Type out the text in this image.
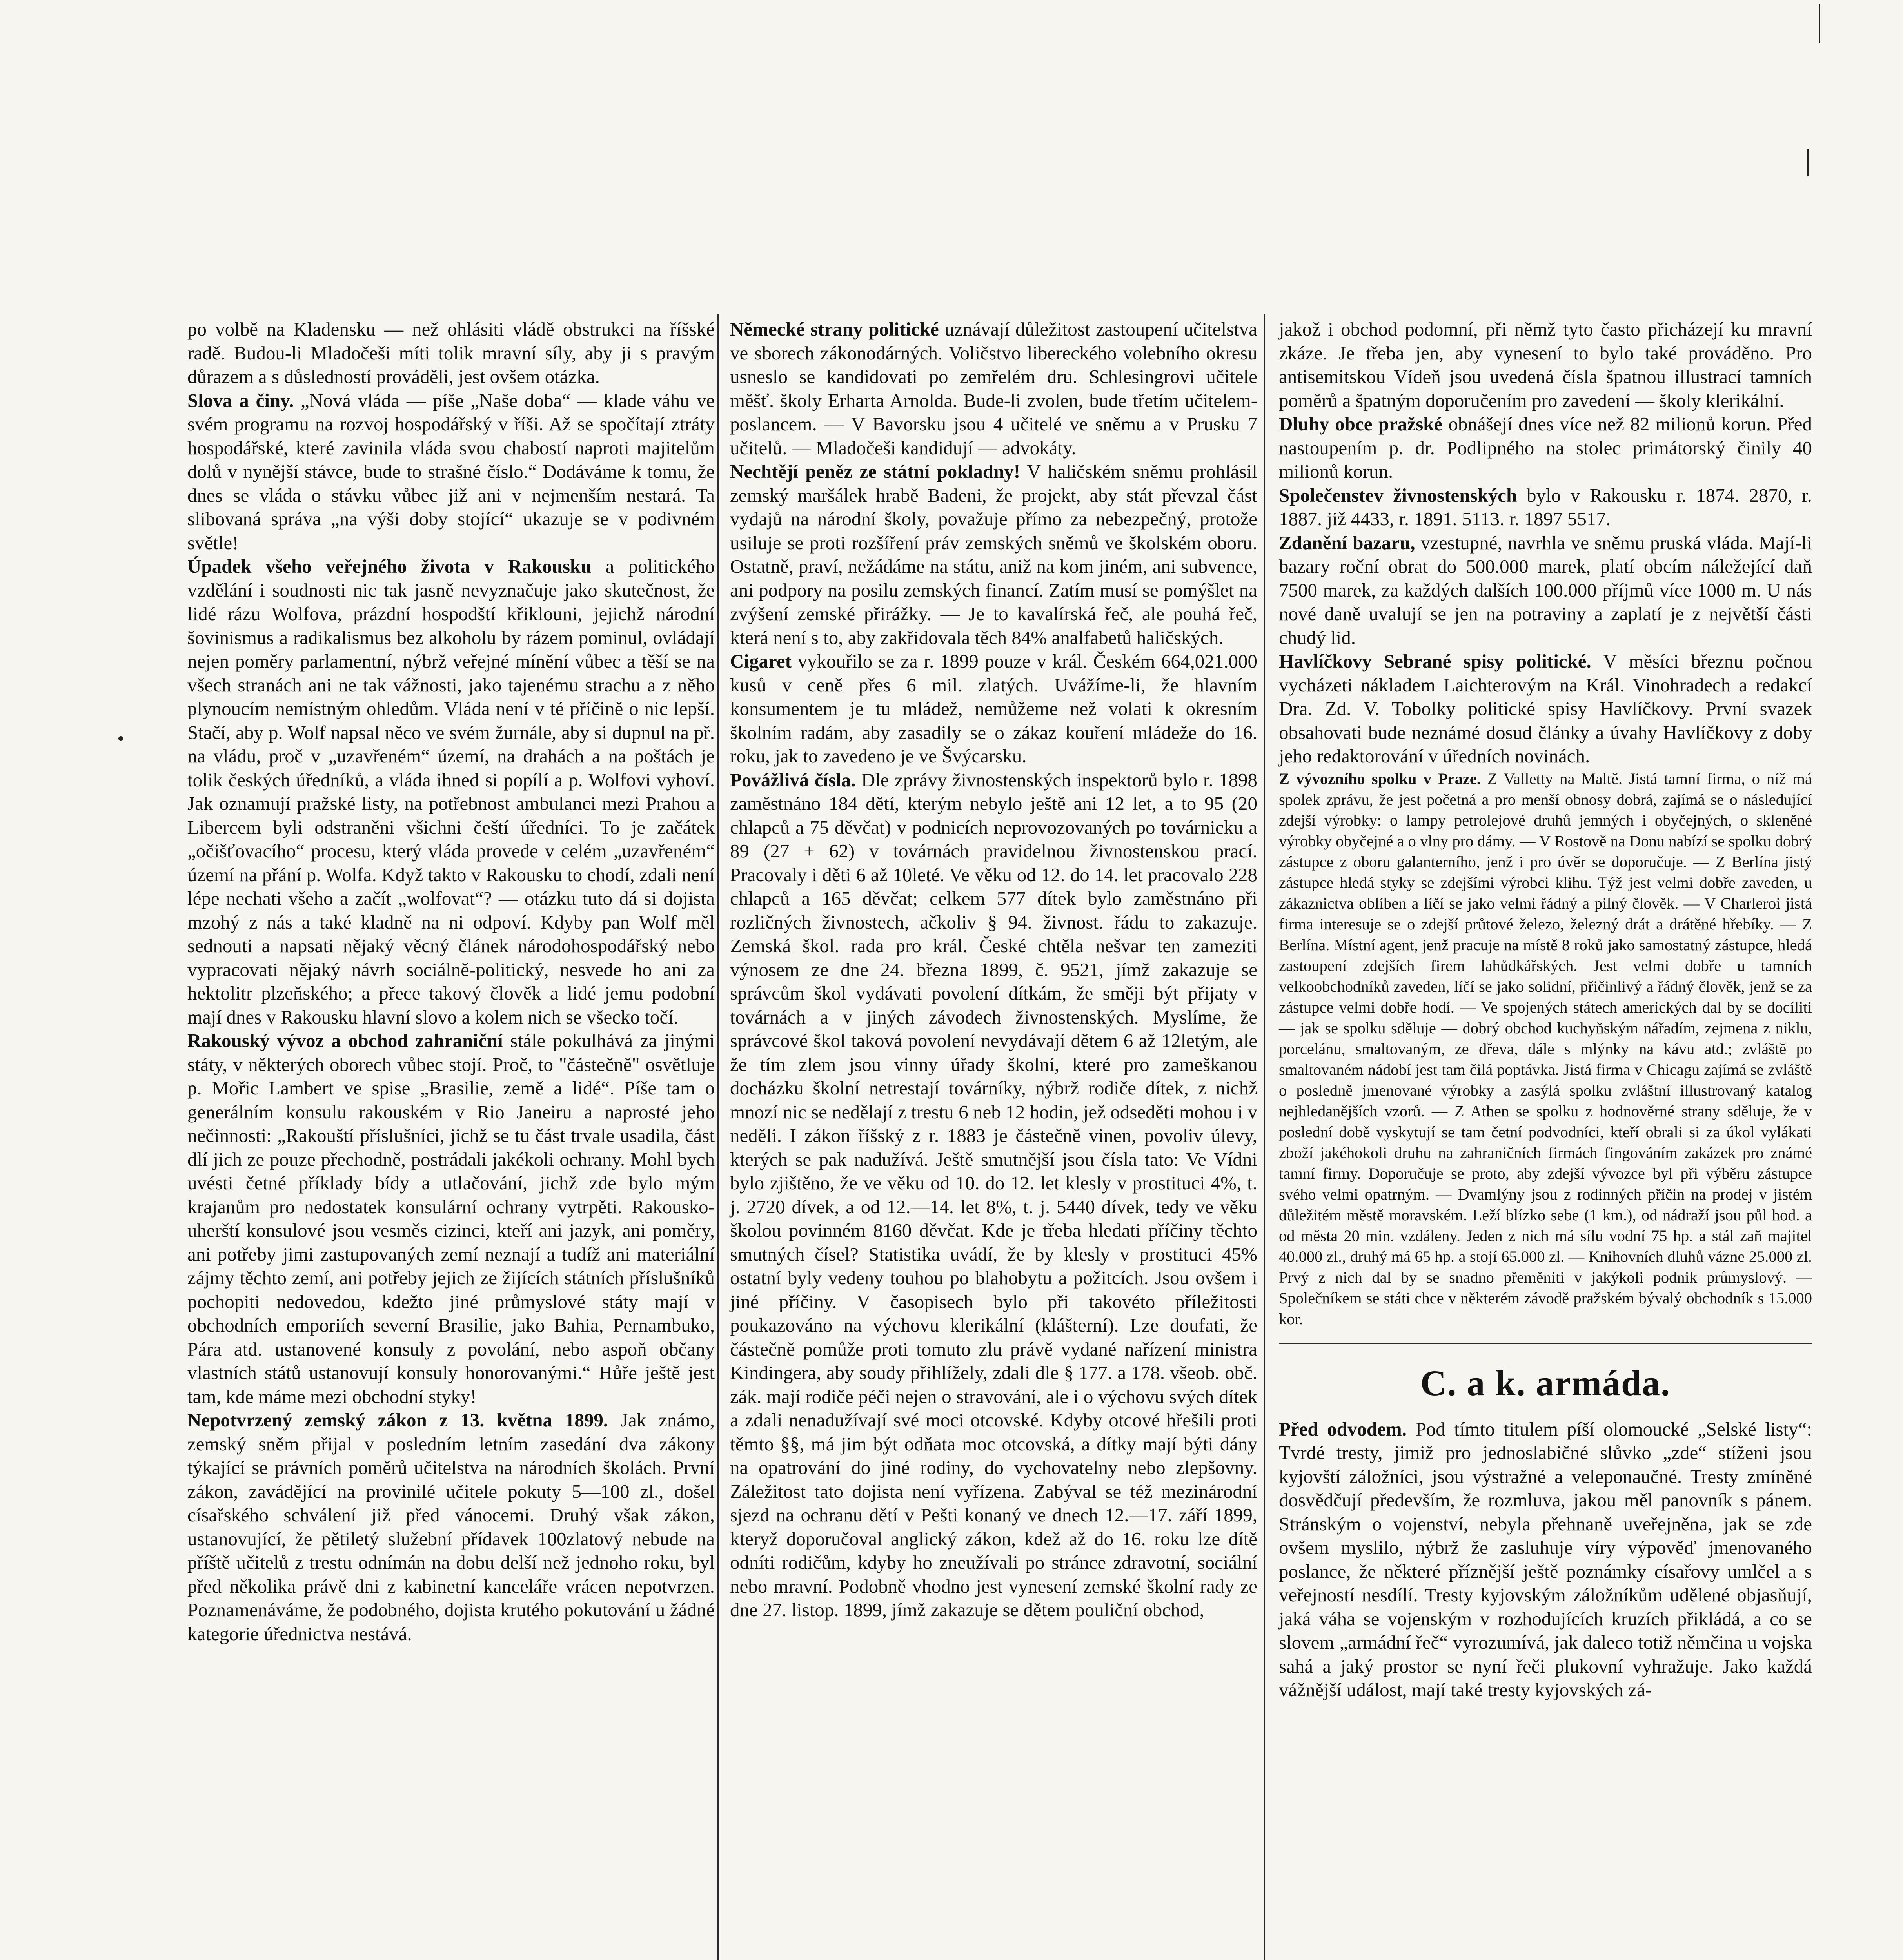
po volbě na Kladensku — než ohlásiti vládě obstrukci na říšské radě. Budou-li Mladočeši míti tolik mravní síly, aby ji s pravým důrazem a s důsledností prováděli, jest ovšem otázka.

Slova a činy. „Nová vláda — píše „Naše doba“ — klade váhu ve svém programu na rozvoj hospodářský v říši. Až se spočítají ztráty hospodářské, které zavinila vláda svou chabostí naproti majitelům dolů v nynější stávce, bude to strašné číslo.“ Dodáváme k tomu, že dnes se vláda o stávku vůbec již ani v nejmenším nestará. Ta slibovaná správa „na výši doby stojící“ ukazuje se v podivném světle!

Úpadek všeho veřejného života v Rakousku a politického vzdělání i soudnosti nic tak jasně nevyznačuje jako skutečnost, že lidé rázu Wolfova, prázdní hospodští křiklouni, jejichž národní šovinismus a radikalismus bez alkoholu by rázem pominul, ovládají nejen poměry parlamentní, nýbrž veřejné mínění vůbec a těší se na všech stranách ani ne tak vážnosti, jako tajenému strachu a z něho plynoucím nemístným ohledům. Vláda není v té příčině o nic lepší. Stačí, aby p. Wolf napsal něco ve svém žurnále, aby si dupnul na př. na vládu, proč v „uzavřeném“ území, na drahách a na poštách je tolik českých úředníků, a vláda ihned si popílí a p. Wolfovi vyhoví. Jak oznamují pražské listy, na potřebnost ambulanci mezi Prahou a Libercem byli odstraněni všichni čeští úředníci. To je začátek „očišťovacího“ procesu, který vláda provede v celém „uzavřeném“ území na přání p. Wolfa. Když takto v Rakousku to chodí, zdali není lépe nechati všeho a začít „wolfovat“? — otázku tuto dá si dojista mzohý z nás a také kladně na ni odpoví. Kdyby pan Wolf měl sednouti a napsati nějaký věcný článek národohospodářský nebo vypracovati nějaký návrh sociálně-politický, nesvede ho ani za hektolitr plzeňského; a přece takový člověk a lidé jemu podobní mají dnes v Rakousku hlavní slovo a kolem nich se všecko točí.

Rakouský vývoz a obchod zahraniční stále pokulhává za jinými státy, v některých oborech vůbec stojí. Proč, to "částečně" osvětluje p. Mořic Lambert ve spise „Brasilie, země a lidé“. Píše tam o generálním konsulu rakouském v Rio Janeiru a naprosté jeho nečinnosti: „Rakouští příslušníci, jichž se tu část trvale usadila, část dlí jich ze pouze přechodně, postrádali jakékoli ochrany. Mohl bych uvésti četné příklady bídy a utlačování, jichž zde bylo mým krajanům pro nedostatek konsulární ochrany vytrpěti. Rakousko-uherští konsulové jsou vesměs cizinci, kteří ani jazyk, ani poměry, ani potřeby jimi zastupovaných zemí neznají a tudíž ani materiální zájmy těchto zemí, ani potřeby jejich ze žijících státních příslušníků pochopiti nedovedou, kdežto jiné průmyslové státy mají v obchodních emporiích severní Brasilie, jako Bahia, Pernambuko, Pára atd. ustanovené konsuly z povolání, nebo aspoň občany vlastních států ustanovují konsuly honorovanými.“ Hůře ještě jest tam, kde máme mezi obchodní styky!

Nepotvrzený zemský zákon z 13. května 1899. Jak známo, zemský sněm přijal v posledním letním zasedání dva zákony týkající se právních poměrů učitelstva na národních školách. První zákon, zavádějící na provinilé učitele pokuty 5—100 zl., došel císařského schválení již před vánocemi. Druhý však zákon, ustanovující, že pětiletý služební přídavek 100zlatový nebude na příště učitelů z trestu odnímán na dobu delší než jednoho roku, byl před několika právě dni z kabinetní kanceláře vrácen nepotvrzen. Poznamenáváme, že podobného, dojista krutého pokutování u žádné kategorie úřednictva nestává.

Německé strany politické uznávají důležitost zastoupení učitelstva ve sborech zákonodárných. Voličstvo libereckého volebního okresu usneslo se kandidovati po zemřelém dru. Schlesingrovi učitele měšť. školy Erharta Arnolda. Bude-li zvolen, bude třetím učitelem-poslancem. — V Bavorsku jsou 4 učitelé ve sněmu a v Prusku 7 učitelů. — Mladočeši kandidují — advokáty.

Nechtějí peněz ze státní pokladny! V haličském sněmu prohlásil zemský maršálek hrabě Badeni, že projekt, aby stát převzal část vydajů na národní školy, považuje přímo za nebezpečný, protože usiluje se proti rozšíření práv zemských sněmů ve školském oboru. Ostatně, praví, nežádáme na státu, aniž na kom jiném, ani subvence, ani podpory na posilu zemských financí. Zatím musí se pomýšlet na zvýšení zemské přirážky. — Je to kavalírská řeč, ale pouhá řeč, která není s to, aby zakřidovala těch 84% analfabetů haličských.

Cigaret vykouřilo se za r. 1899 pouze v král. Českém 664,021.000 kusů v ceně přes 6 mil. zlatých. Uvážíme-li, že hlavním konsumentem je tu mládež, nemůžeme než volati k okresním školním radám, aby zasadily se o zákaz kouření mládeže do 16. roku, jak to zavedeno je ve Švýcarsku.

Povážlivá čísla. Dle zprávy živnostenských inspektorů bylo r. 1898 zaměstnáno 184 dětí, kterým nebylo ještě ani 12 let, a to 95 (20 chlapců a 75 děvčat) v podnicích neprovozovaných po továrnicku a 89 (27 + 62) v továrnách pravidelnou živnostenskou prací. Pracovaly i děti 6 až 10leté. Ve věku od 12. do 14. let pracovalo 228 chlapců a 165 děvčat; celkem 577 dítek bylo zaměstnáno při rozličných živnostech, ačkoliv § 94. živnost. řádu to zakazuje. Zemská škol. rada pro král. České chtěla nešvar ten zameziti výnosem ze dne 24. března 1899, č. 9521, jímž zakazuje se správcům škol vydávati povolení dítkám, že směji být přijaty v továrnách a v jiných závodech živnostenských. Myslíme, že správcové škol taková povolení nevydávají dětem 6 až 12letým, ale že tím zlem jsou vinny úřady školní, které pro zameškanou docházku školní netrestají továrníky, nýbrž rodiče dítek, z nichž mnozí nic se nedělají z trestu 6 neb 12 hodin, jež odseděti mohou i v neděli. I zákon říšský z r. 1883 je částečně vinen, povoliv úlevy, kterých se pak nadužívá. Ještě smutnější jsou čísla tato: Ve Vídni bylo zjištěno, že ve věku od 10. do 12. let klesly v prostituci 4%, t. j. 2720 dívek, a od 12.—14. let 8%, t. j. 5440 dívek, tedy ve věku školou povinném 8160 děvčat. Kde je třeba hledati příčiny těchto smutných čísel? Statistika uvádí, že by klesly v prostituci 45% ostatní byly vedeny touhou po blahobytu a požitcích. Jsou ovšem i jiné příčiny. V časopisech bylo při takovéto příležitosti poukazováno na výchovu klerikální (klášterní). Lze doufati, že částečně pomůže proti tomuto zlu právě vydané nařízení ministra Kindingera, aby soudy přihlížely, zdali dle § 177. a 178. všeob. obč. zák. mají rodiče péči nejen o stravování, ale i o výchovu svých dítek a zdali nenadužívají své moci otcovské. Kdyby otcové hřešili proti těmto §§, má jim být odňata moc otcovská, a dítky mají býti dány na opatrování do jiné rodiny, do vychovatelny nebo zlepšovny. Záležitost tato dojista není vyřízena. Zabýval se též mezinárodní sjezd na ochranu dětí v Pešti konaný ve dnech 12.—17. září 1899, kteryž doporučoval anglický zákon, kdež až do 16. roku lze dítě odníti rodičům, kdyby ho zneužívali po stránce zdravotní, sociální nebo mravní. Podobně vhodno jest vynesení zemské školní rady ze dne 27. listop. 1899, jímž zakazuje se dětem pouliční obchod,

jakož i obchod podomní, při němž tyto často přicházejí ku mravní zkáze. Je třeba jen, aby vynesení to bylo také prováděno. Pro antisemitskou Vídeň jsou uvedená čísla špatnou illustrací tamních poměrů a špatným doporučením pro zavedení — školy klerikální.

Dluhy obce pražské obnášejí dnes více než 82 milionů korun. Před nastoupením p. dr. Podlipného na stolec primátorský činily 40 milionů korun.

Společenstev živnostenských bylo v Rakousku r. 1874. 2870, r. 1887. již 4433, r. 1891. 5113. r. 1897 5517.

Zdanění bazaru, vzestupné, navrhla ve sněmu pruská vláda. Mají-li bazary roční obrat do 500.000 marek, platí obcím náležející daň 7500 marek, za každých dalších 100.000 příjmů více 1000 m. U nás nové daně uvalují se jen na potraviny a zaplatí je z největší části chudý lid.

Havlíčkovy Sebrané spisy politické. V měsíci březnu počnou vycházeti nákladem Laichterovým na Král. Vinohradech a redakcí Dra. Zd. V. Tobolky politické spisy Havlíčkovy. První svazek obsahovati bude neznámé dosud články a úvahy Havlíčkovy z doby jeho redaktorování v úředních novinách.

Z vývozního spolku v Praze. Z Valletty na Maltě. Jistá tamní firma, o níž má spolek zprávu, že jest početná a pro menší obnosy dobrá, zajímá se o následující zdejší výrobky: o lampy petrolejové druhů jemných i obyčejných, o skleněné výrobky obyčejné a o vlny pro dámy. — V Rostově na Donu nabízí se spolku dobrý zástupce z oboru galanterního, jenž i pro úvěr se doporučuje. — Z Berlína jistý zástupce hledá styky se zdejšími výrobci klihu. Týž jest velmi dobře zaveden, u zákaznictva oblíben a líčí se jako velmi řádný a pilný člověk. — V Charleroi jistá firma interesuje se o zdejší průtové železo, železný drát a drátěné hřebíky. — Z Berlína. Místní agent, jenž pracuje na místě 8 roků jako samostatný zástupce, hledá zastoupení zdejších firem lahůdkářských. Jest velmi dobře u tamních velkoobchodníků zaveden, líčí se jako solidní, přičinlivý a řádný člověk, jenž se za zástupce velmi dobře hodí. — Ve spojených státech amerických dal by se docíliti — jak se spolku sděluje — dobrý obchod kuchyňským nářadím, zejmena z niklu, porcelánu, smaltovaným, ze dřeva, dále s mlýnky na kávu atd.; zvláště po smaltovaném nádobí jest tam čilá poptávka. Jistá firma v Chicagu zajímá se zvláště o posledně jmenované výrobky a zasýlá spolku zvláštní illustrovaný katalog nejhledanějších vzorů. — Z Athen se spolku z hodnověrné strany sděluje, že v poslední době vyskytují se tam četní podvodníci, kteří obrali si za úkol vylákati zboží jakéhokoli druhu na zahraničních firmách fingováním zakázek pro známé tamní firmy. Doporučuje se proto, aby zdejší vývozce byl při výběru zástupce svého velmi opatrným. — Dvamlýny jsou z rodinných příčin na prodej v jistém důležitém městě moravském. Leží blízko sebe (1 km.), od nádraží jsou půl hod. a od města 20 min. vzdáleny. Jeden z nich má sílu vodní 75 hp. a stál zaň majitel 40.000 zl., druhý má 65 hp. a stojí 65.000 zl. — Knihovních dluhů vázne 25.000 zl. Prvý z nich dal by se snadno přeměniti v jakýkoli podnik průmyslový. — Společníkem se státi chce v některém závodě pražském bývalý obchodník s 15.000 kor.

C. a k. armáda.

Před odvodem. Pod tímto titulem píší olomoucké „Selské listy“: Tvrdé tresty, jimiž pro jednoslabičné slůvko „zde“ stíženi jsou kyjovští záložníci, jsou výstražné a veleponaučné. Tresty zmíněné dosvědčují především, že rozmluva, jakou měl panovník s pánem. Stránským o vojenství, nebyla přehnaně uveřejněna, jak se zde ovšem myslilo, nýbrž že zasluhuje víry výpověď jmenovaného poslance, že některé příznější ještě poznámky císařovy umlčel a s veřejností nesdílí. Tresty kyjovským záložníkům udělené objasňují, jaká váha se vojenským v rozhodujících kruzích přikládá, a co se slovem „armádní řeč“ vyrozumívá, jak daleco totiž němčina u vojska sahá a jaký prostor se nyní řeči plukovní vyhražuje. Jako každá vážnější událost, mají také tresty kyjovských zá-
